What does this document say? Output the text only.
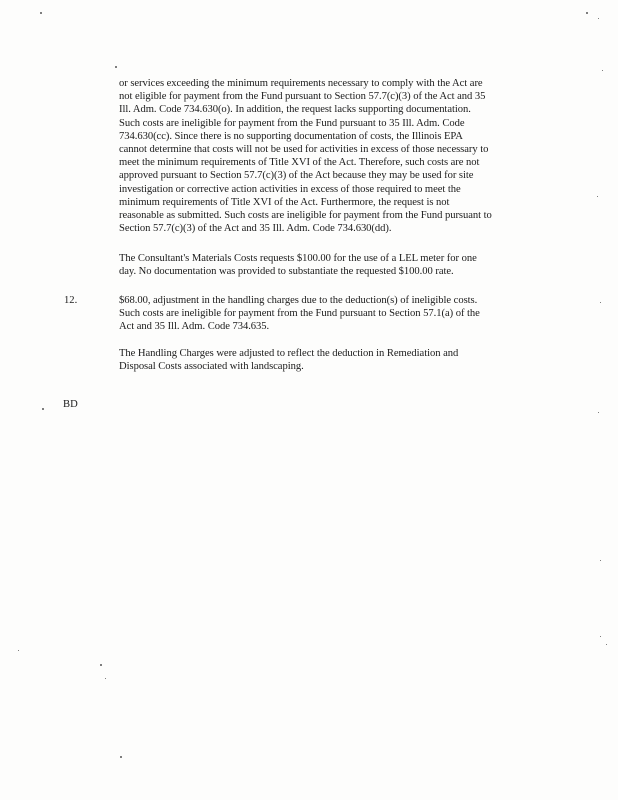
or services exceeding the minimum requirements necessary to comply with the Act are
not eligible for payment from the Fund pursuant to Section 57.7(c)(3) of the Act and 35
Ill. Adm. Code 734.630(o). In addition, the request lacks supporting documentation.
Such costs are ineligible for payment from the Fund pursuant to 35 Ill. Adm. Code
734.630(cc). Since there is no supporting documentation of costs, the Illinois EPA
cannot determine that costs will not be used for activities in excess of those necessary to
meet the minimum requirements of Title XVI of the Act. Therefore, such costs are not
approved pursuant to Section 57.7(c)(3) of the Act because they may be used for site
investigation or corrective action activities in excess of those required to meet the
minimum requirements of Title XVI of the Act. Furthermore, the request is not
reasonable as submitted. Such costs are ineligible for payment from the Fund pursuant to
Section 57.7(c)(3) of the Act and 35 Ill. Adm. Code 734.630(dd).
The Consultant's Materials Costs requests $100.00 for the use of a LEL meter for one
day. No documentation was provided to substantiate the requested $100.00 rate.
12.	$68.00, adjustment in the handling charges due to the deduction(s) of ineligible costs.
Such costs are ineligible for payment from the Fund pursuant to Section 57.1(a) of the
Act and 35 Ill. Adm. Code 734.635.
The Handling Charges were adjusted to reflect the deduction in Remediation and
Disposal Costs associated with landscaping.
BD
